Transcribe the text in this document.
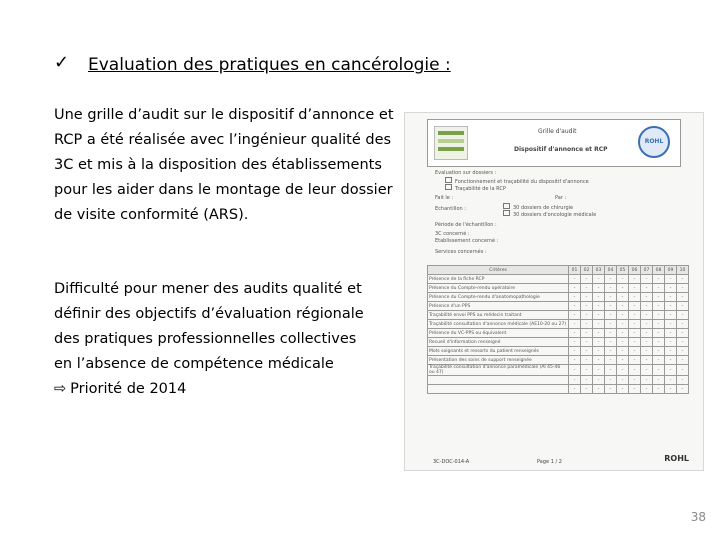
✓ Evaluation des pratiques en cancérologie :
Une grille d’audit sur le dispositif d’annonce et
RCP a été réalisée avec l’ingénieur qualité des
3C et mis à la disposition des établissements
pour les aider dans le montage de leur dossier
de visite conformité (ARS).
Difficulté pour mener des audits qualité et
définir des objectifs d’évaluation régionale
des pratiques professionnelles collectives
en l’absence de compétence médicale
⇨ Priorité de 2014
Grille d'audit
Dispositif d'annonce et RCP
ROHL
Evaluation sur dossiers :
Fonctionnement et traçabilité du dispositif d'annonce
Traçabilité de la RCP
Fait le :	Par :
Echantillon :	30 dossiers de chirurgie
30 dossiers d'oncologie médicale
Période de l'échantillon :
3C concerné :
Etablissement concerné :
Services concernés :
Critères	01	02	03	04	05	06	07	08	09	10
Présence de la fiche RCP	-	-	-	-	-	-	-	-	-	-
Présence du Compte-rendu opératoire	-	-	-	-	-	-	-	-	-	-
Présence du Compte-rendu d'anatomopathologie	-	-	-	-	-	-	-	-	-	-
Présence d'un PPS	-	-	-	-	-	-	-	-	-	-
Traçabilité envoi PPS au médecin traitant	-	-	-	-	-	-	-	-	-	-
Traçabilité consultation d'annonce médicale (AE10-20 ou 27)	-	-	-	-	-	-	-	-	-	-
Présence du VC-PPS ou équivalent	-	-	-	-	-	-	-	-	-	-
Recueil d'information renseigné	-	-	-	-	-	-	-	-	-	-
Mots soignants et ressorts du patient renseignés	-	-	-	-	-	-	-	-	-	-
Présentation des soins de support renseignée	-	-	-	-	-	-	-	-	-	-
Traçabilité consultation d'annonce paramédicale (AI 45-46 ou 47)	-	-	-	-	-	-	-	-	-	-
	-	-	-	-	-	-	-	-	-	-
	-	-	-	-	-	-	-	-	-	-
3C-DOC-014-A	Page 1 / 2	ROHL
38
